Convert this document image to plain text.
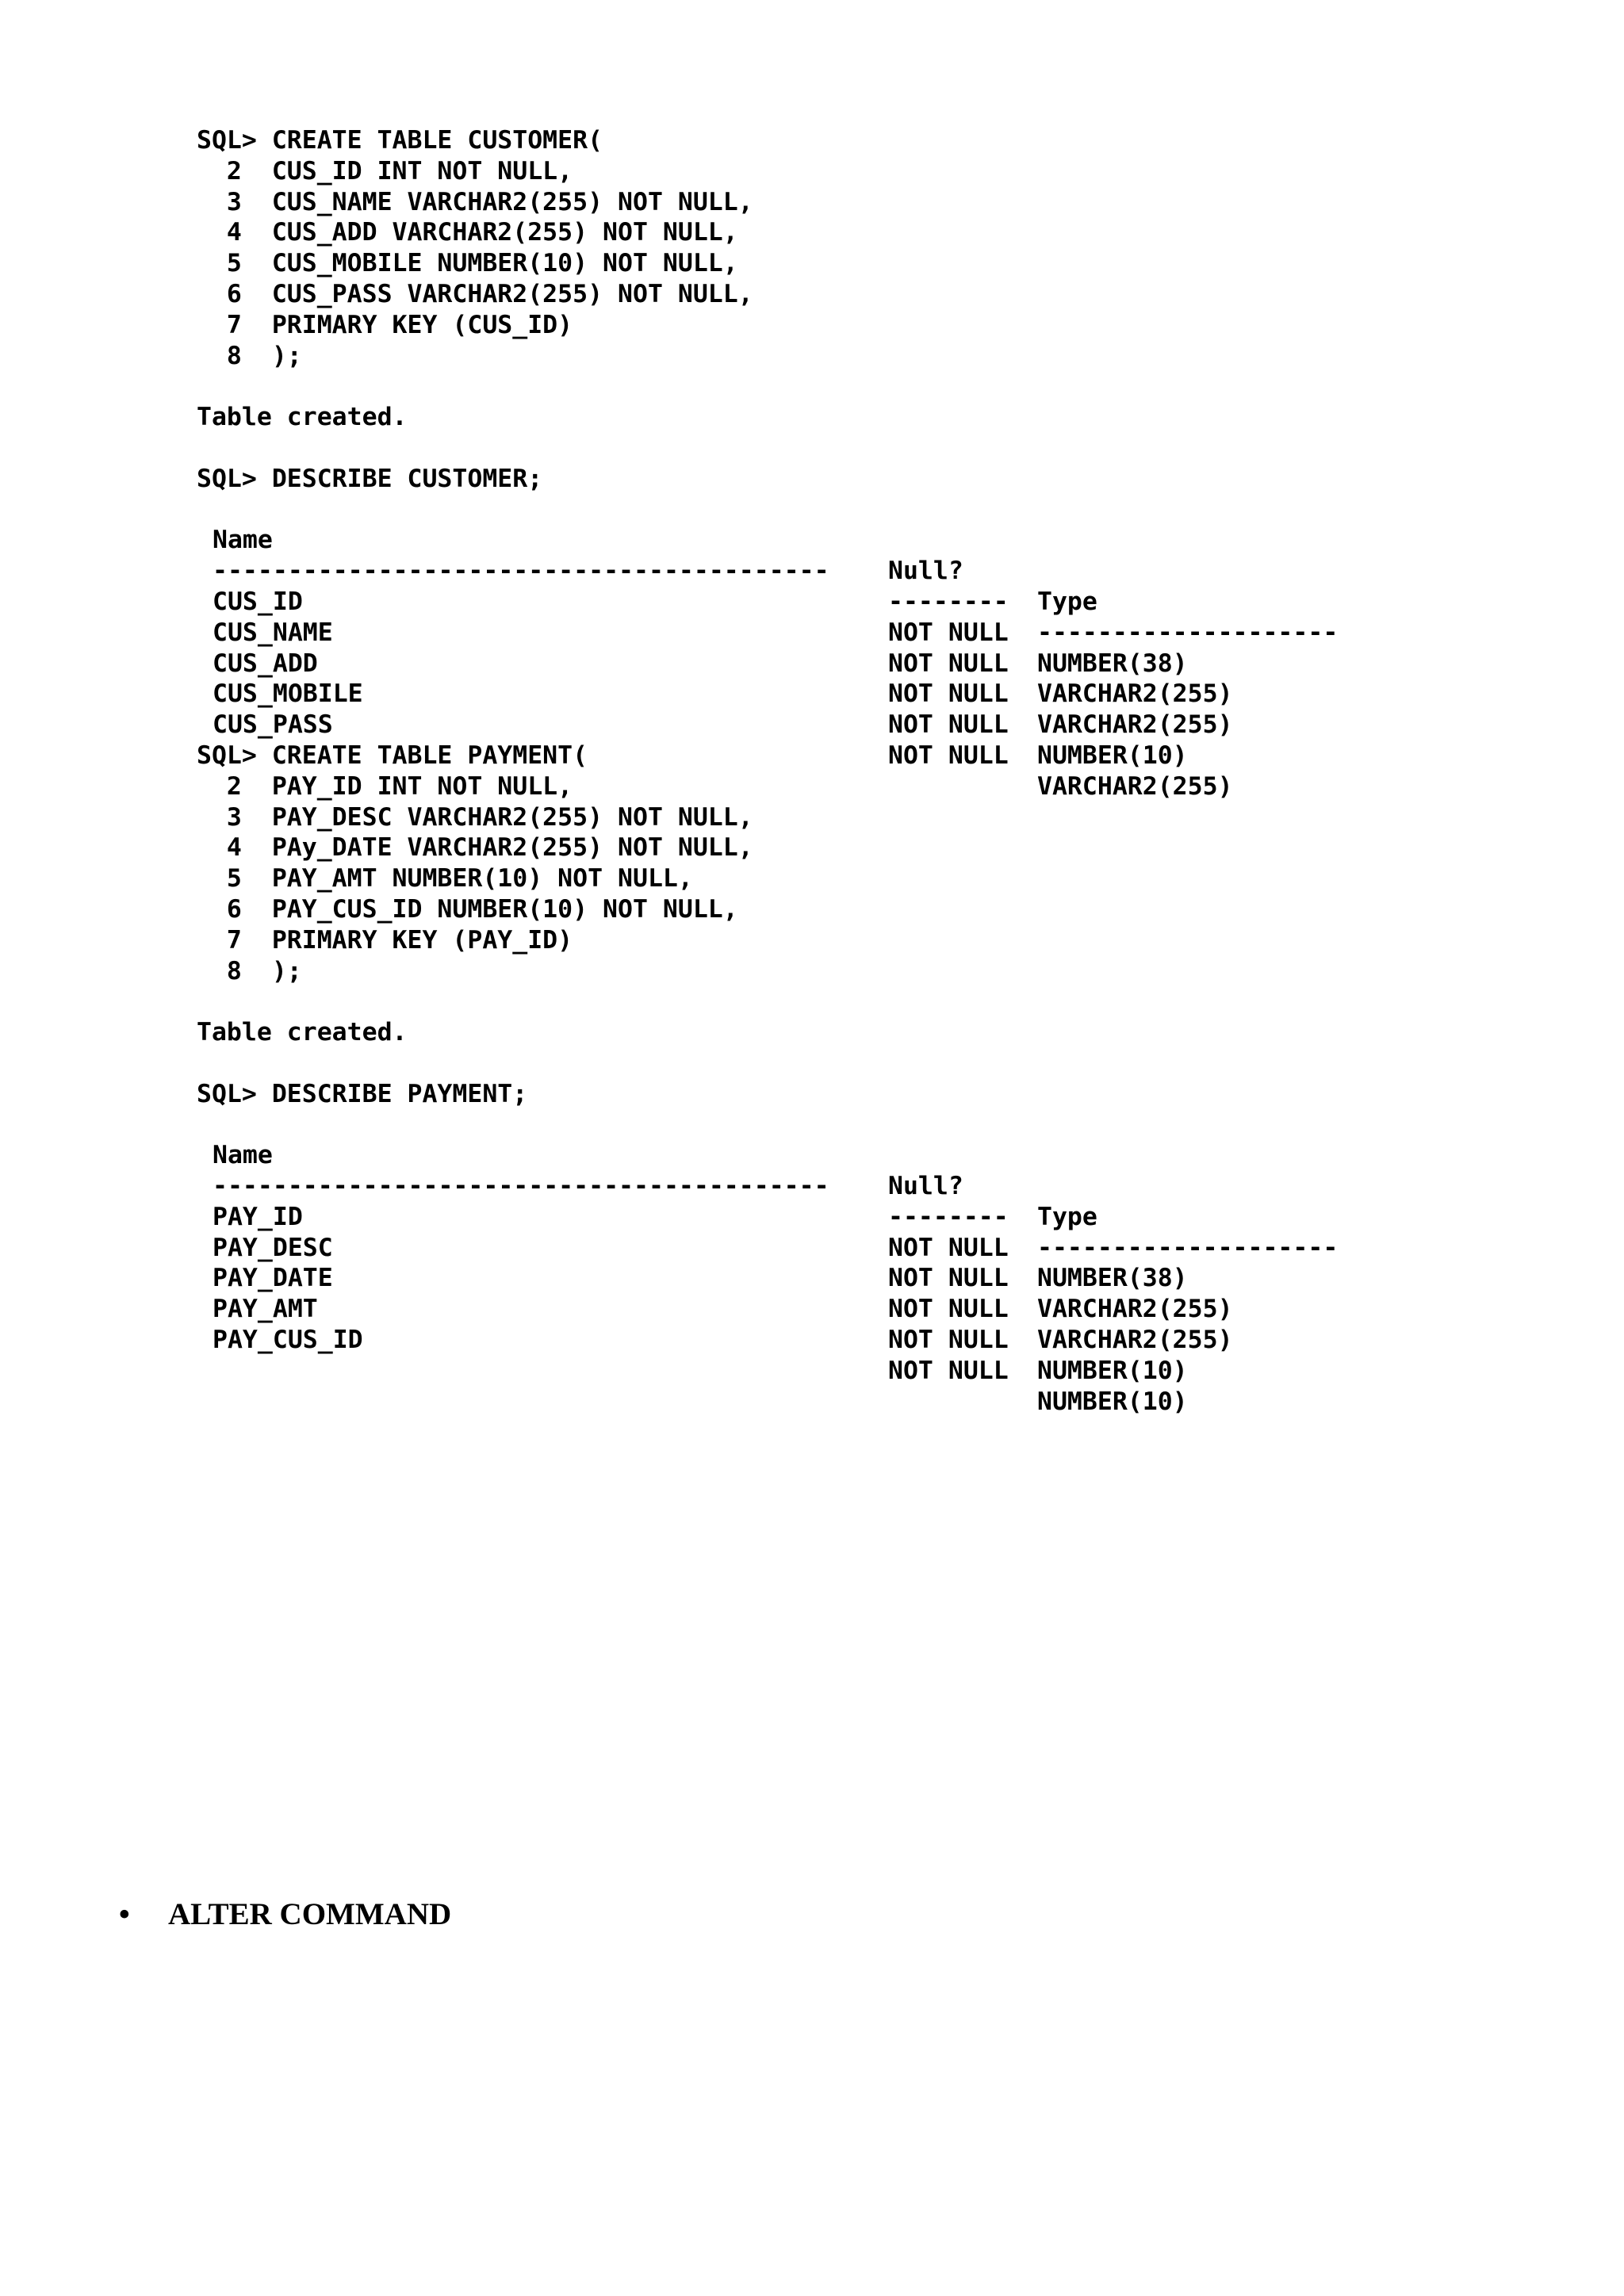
SQL> CREATE TABLE CUSTOMER(
2  CUS_ID INT NOT NULL,
3  CUS_NAME VARCHAR2(255) NOT NULL,
4  CUS_ADD VARCHAR2(255) NOT NULL,
5  CUS_MOBILE NUMBER(10) NOT NULL,
6  CUS_PASS VARCHAR2(255) NOT NULL,
7  PRIMARY KEY (CUS_ID)
8  );
Table created.
SQL> DESCRIBE CUSTOMER;

Name

Null?

Type

-----------------------------------------

--------

--------------------

CUS_ID

NOT NULL

NUMBER(38)

CUS_NAME

NOT NULL

VARCHAR2(255)

CUS_ADD

NOT NULL

VARCHAR2(255)

CUS_MOBILE

NOT NULL

NUMBER(10)

CUS_PASS

NOT NULL

VARCHAR2(255)

SQL> CREATE TABLE PAYMENT(
2  PAY_ID INT NOT NULL,
3  PAY_DESC VARCHAR2(255) NOT NULL,
4  PAy_DATE VARCHAR2(255) NOT NULL,
5  PAY_AMT NUMBER(10) NOT NULL,
6  PAY_CUS_ID NUMBER(10) NOT NULL,
7  PRIMARY KEY (PAY_ID)
8  );
Table created.
SQL> DESCRIBE PAYMENT;

Name

Null?

Type

-----------------------------------------

--------

--------------------

PAY_ID

NOT NULL

NUMBER(38)

PAY_DESC

NOT NULL

VARCHAR2(255)

PAY_DATE

NOT NULL

VARCHAR2(255)

PAY_AMT

NOT NULL

NUMBER(10)

PAY_CUS_ID

NOT NULL

NUMBER(10)

• ALTER COMMAND
